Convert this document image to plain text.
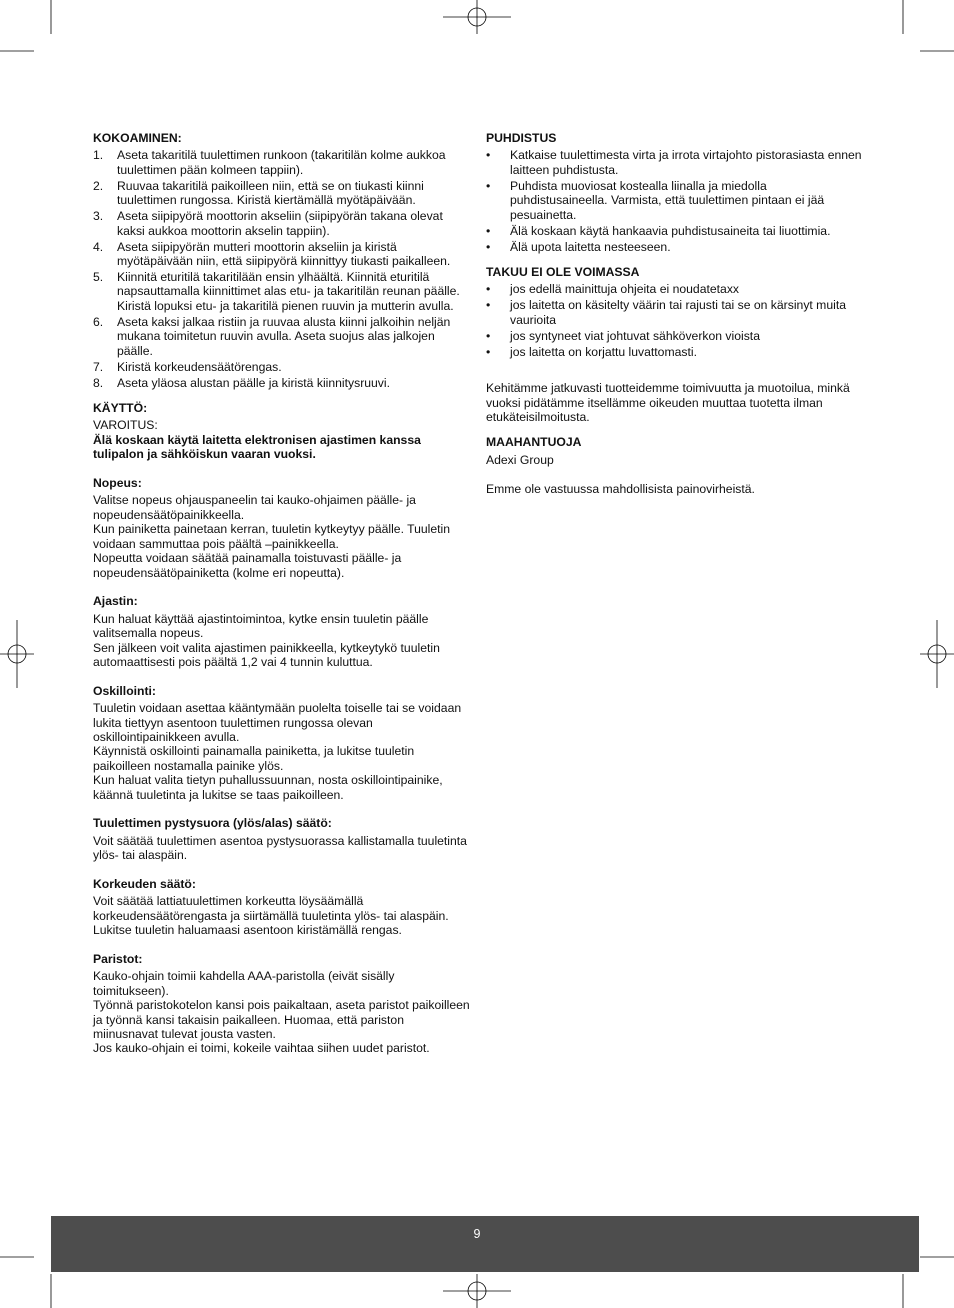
KOKOAMINEN:
1. Aseta takaritilä tuulettimen runkoon (takaritilän kolme aukkoa tuulettimen pään kolmeen tappiin).
2. Ruuvaa takaritilä paikoilleen niin, että se on tiukasti kiinni tuulettimen rungossa. Kiristä kiertämällä myötäpäivään.
3. Aseta siipipyörä moottorin akseliin (siipipyörän takana olevat kaksi aukkoa moottorin akselin tappiin).
4. Aseta siipipyörän mutteri moottorin akseliin ja kiristä myötäpäivään niin, että siipipyörä kiinnittyy tiukasti paikalleen.
5. Kiinnitä eturitilä takaritilään ensin ylhäältä. Kiinnitä eturitilä napsauttamalla kiinnittimet alas etu- ja takaritilän reunan päälle. Kiristä lopuksi etu- ja takaritilä pienen ruuvin ja mutterin avulla.
6. Aseta kaksi jalkaa ristiin ja ruuvaa alusta kiinni jalkoihin neljän mukana toimitetun ruuvin avulla. Aseta suojus alas jalkojen päälle.
7. Kiristä korkeudensäätörengas.
8. Aseta yläosa alustan päälle ja kiristä kiinnitysruuvi.
KÄYTTÖ:

VAROITUS:

Älä koskaan käytä laitetta elektronisen ajastimen kanssa tulipalon ja sähköiskun vaaran vuoksi.

Nopeus:

Valitse nopeus ohjauspaneelin tai kauko-ohjaimen päälle- ja nopeudensäätöpainikkeella.

Kun painiketta painetaan kerran, tuuletin kytkeytyy päälle. Tuuletin voidaan sammuttaa pois päältä –painikkeella.

Nopeutta voidaan säätää painamalla toistuvasti päälle- ja nopeudensäätöpainiketta (kolme eri nopeutta).

Ajastin:

Kun haluat käyttää ajastintoimintoa, kytke ensin tuuletin päälle valitsemalla nopeus.

Sen jälkeen voit valita ajastimen painikkeella, kytkeytykö tuuletin automaattisesti pois päältä 1,2 vai 4 tunnin kuluttua.

Oskillointi:

Tuuletin voidaan asettaa kääntymään puolelta toiselle tai se voidaan lukita tiettyyn asentoon tuulettimen rungossa olevan oskillointipainikkeen avulla.

Käynnistä oskillointi painamalla painiketta, ja lukitse tuuletin paikoilleen nostamalla painike ylös.

Kun haluat valita tietyn puhallussuunnan, nosta oskillointipainike, käännä tuuletinta ja lukitse se taas paikoilleen.

Tuulettimen pystysuora (ylös/alas) säätö:

Voit säätää tuulettimen asentoa pystysuorassa kallistamalla tuuletinta ylös- tai alaspäin.

Korkeuden säätö:

Voit säätää lattiatuulettimen korkeutta löysäämällä korkeudensäätörengasta ja siirtämällä tuuletinta ylös- tai alaspäin. Lukitse tuuletin haluamaasi asentoon kiristämällä rengas.

Paristot:

Kauko-ohjain toimii kahdella AAA-paristolla (eivät sisälly toimitukseen).

Työnnä paristokotelon kansi pois paikaltaan, aseta paristot paikoilleen ja työnnä kansi takaisin paikalleen. Huomaa, että pariston miinusnavat tulevat jousta vasten.

Jos kauko-ohjain ei toimi, kokeile vaihtaa siihen uudet paristot.

PUHDISTUS
• Katkaise tuulettimesta virta ja irrota virtajohto pistorasiasta ennen laitteen puhdistusta.
• Puhdista muoviosat kostealla liinalla ja miedolla puhdistusaineella. Varmista, että tuulettimen pintaan ei jää pesuainetta.
• Älä koskaan käytä hankaavia puhdistusaineita tai liuottimia.
• Älä upota laitetta nesteeseen.
TAKUU EI OLE VOIMASSA
• jos edellä mainittuja ohjeita ei noudatetaxx
• jos laitetta on käsitelty väärin tai rajusti tai se on kärsinyt muita vaurioita
• jos syntyneet viat johtuvat sähköverkon vioista
• jos laitetta on korjattu luvattomasti.

Kehitämme jatkuvasti tuotteidemme toimivuutta ja muotoilua, minkä vuoksi pidätämme itsellämme oikeuden muuttaa tuotetta ilman etukäteisilmoitusta.

MAAHANTUOJA

Adexi Group

Emme ole vastuussa mahdollisista painovirheistä.

9
